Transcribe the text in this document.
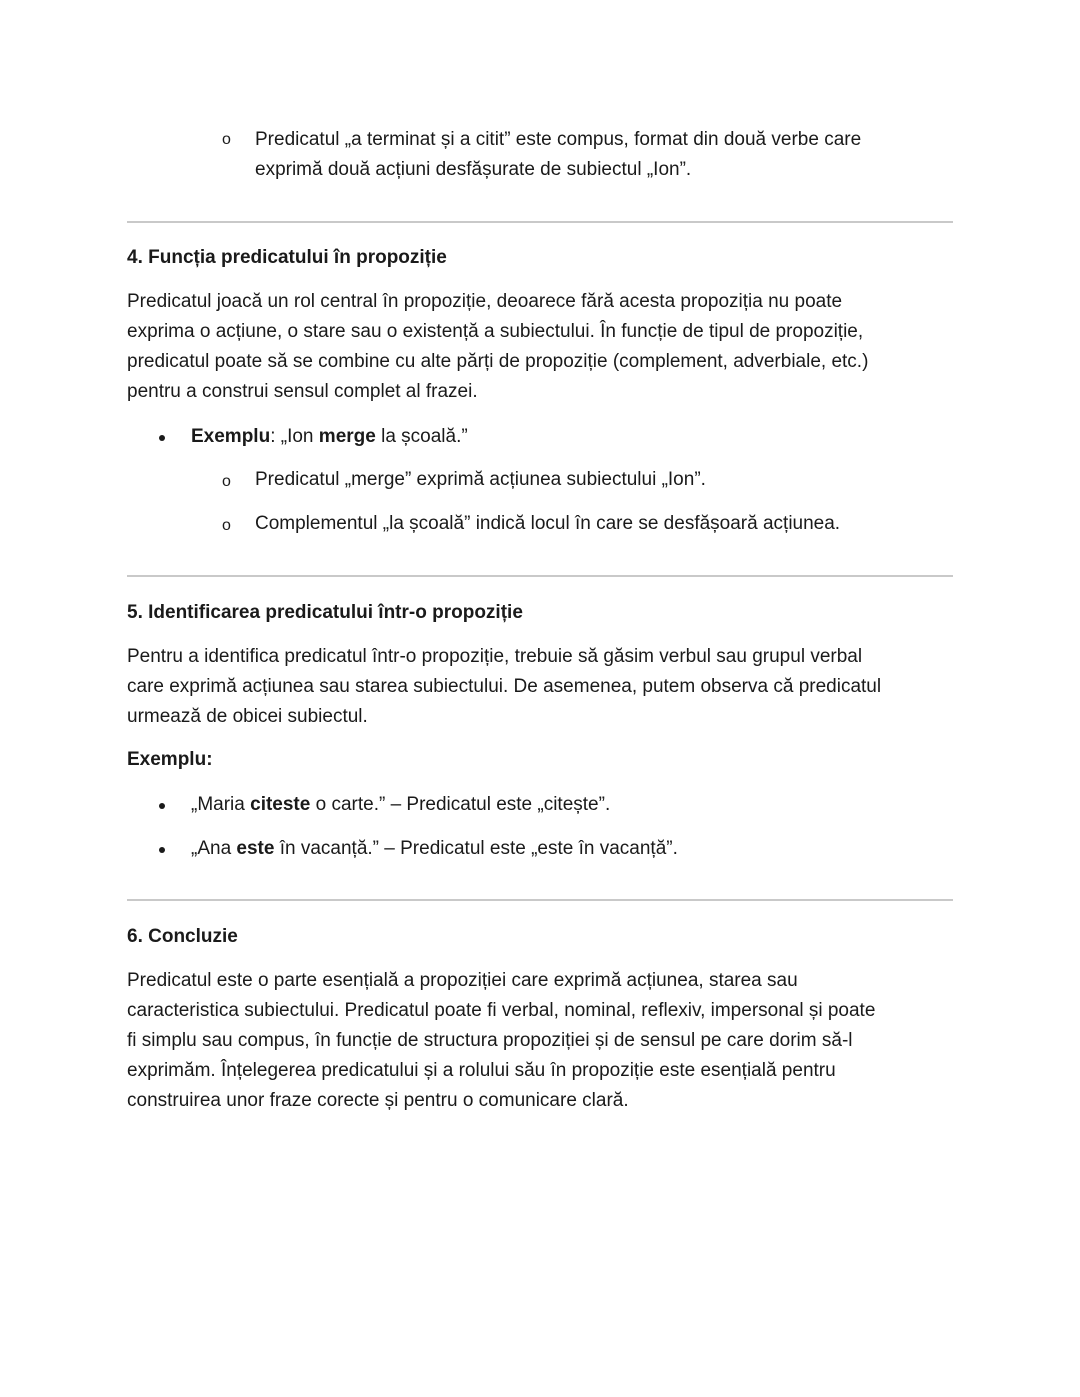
o Predicatul „a terminat și a citit” este compus, format din două verbe care
exprimă două acțiuni desfășurate de subiectul „Ion”.
4. Funcția predicatului în propoziție
Predicatul joacă un rol central în propoziție, deoarece fără acesta propoziția nu poate
exprima o acțiune, o stare sau o existență a subiectului. În funcție de tipul de propoziție,
predicatul poate să se combine cu alte părți de propoziție (complement, adverbiale, etc.)
pentru a construi sensul complet al frazei.
Exemplu: „Ion merge la școală.”
o Predicatul „merge” exprimă acțiunea subiectului „Ion”.
o Complementul „la școală” indică locul în care se desfășoară acțiunea.
5. Identificarea predicatului într-o propoziție
Pentru a identifica predicatul într-o propoziție, trebuie să găsim verbul sau grupul verbal
care exprimă acțiunea sau starea subiectului. De asemenea, putem observa că predicatul
urmează de obicei subiectul.
Exemplu:
„Maria citeste o carte.” – Predicatul este „citește”.
„Ana este în vacanță.” – Predicatul este „este în vacanță”.
6. Concluzie
Predicatul este o parte esențială a propoziției care exprimă acțiunea, starea sau
caracteristica subiectului. Predicatul poate fi verbal, nominal, reflexiv, impersonal și poate
fi simplu sau compus, în funcție de structura propoziției și de sensul pe care dorim să-l
exprimăm. Înțelegerea predicatului și a rolului său în propoziție este esențială pentru
construirea unor fraze corecte și pentru o comunicare clară.
